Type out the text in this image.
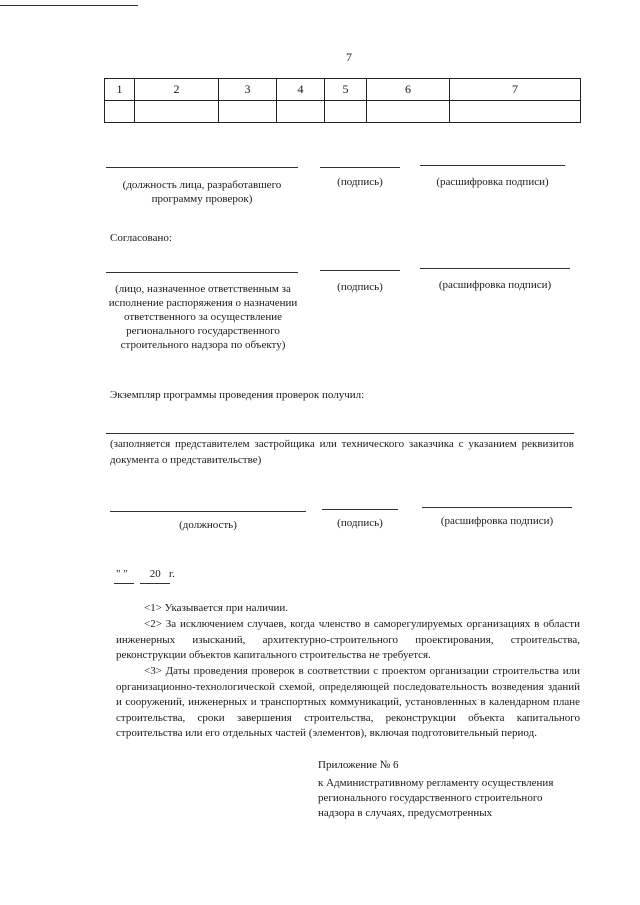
7
1	2	3	4	5	6	7

(должность лица, разработавшего программу проверок)
(подпись)	(расшифровка подписи)
Согласовано:
(лицо, назначенное ответственным за исполнение распоряжения о назначении ответственного за осуществление регионального государственного строительного надзора по объекту)
(подпись)	(расшифровка подписи)
Экземпляр программы проведения проверок получил:
(заполняется представителем застройщика или технического заказчика с указанием реквизитов документа о представительстве)
(должность)	(подпись)	(расшифровка подписи)
" "        20   г.
<1> Указывается при наличии.
<2> За исключением случаев, когда членство в саморегулируемых организациях в области инженерных изысканий, архитектурно-строительного проектирования, строительства, реконструкции объектов капитального строительства не требуется.
<3> Даты проведения проверок в соответствии с проектом организации строительства или организационно-технологической схемой, определяющей последовательность возведения зданий и сооружений, инженерных и транспортных коммуникаций, установленных в календарном плане строительства, сроки завершения строительства, реконструкции объекта капитального строительства или его отдельных частей (элементов), включая подготовительный период.
Приложение № 6
к Административному регламенту осуществления
регионального государственного строительного
надзора в случаях, предусмотренных
